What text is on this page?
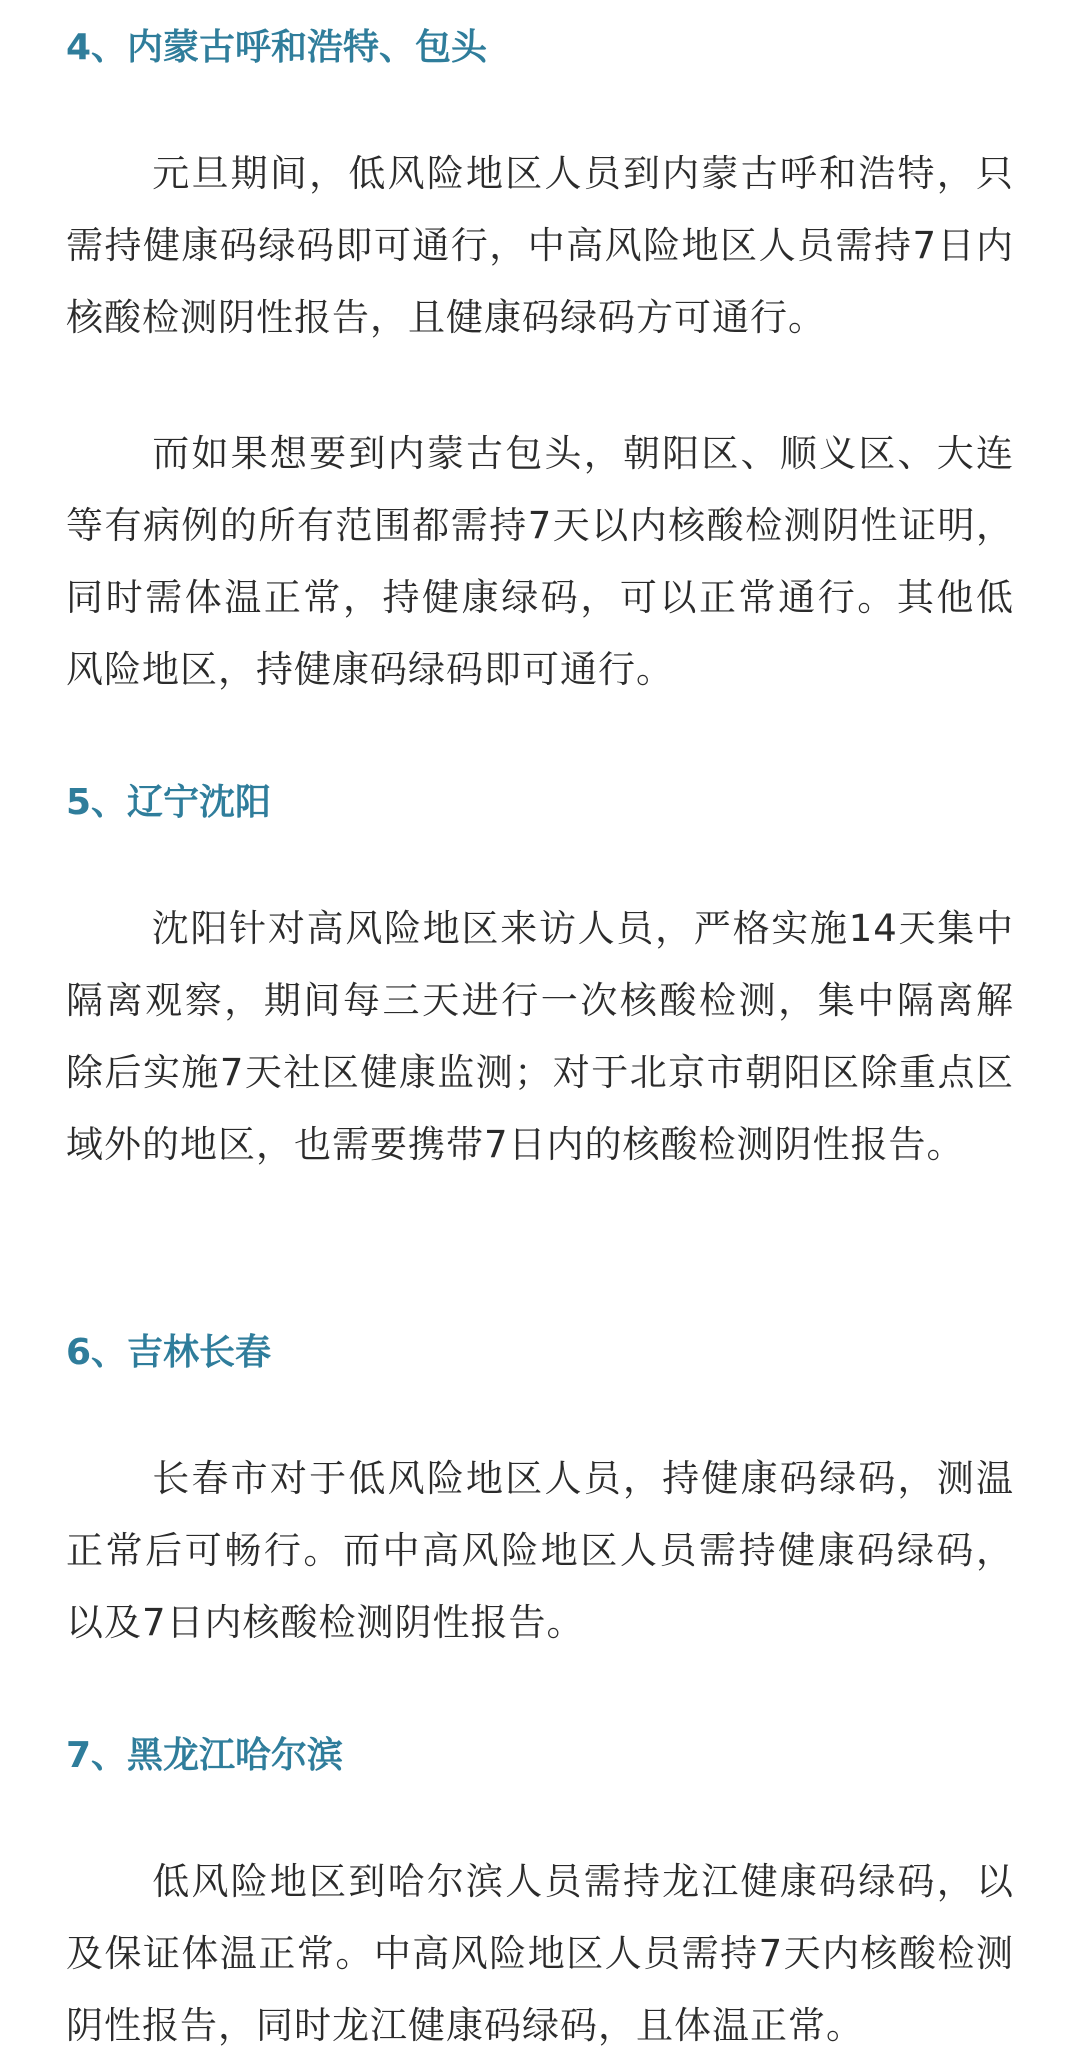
4、内蒙古呼和浩特、包头

元旦期间，低风险地区人员到内蒙古呼和浩特，只需持健康码绿码即可通行，中高风险地区人员需持7日内核酸检测阴性报告，且健康码绿码方可通行。

而如果想要到内蒙古包头，朝阳区、顺义区、大连等有病例的所有范围都需持7天以内核酸检测阴性证明，同时需体温正常，持健康绿码，可以正常通行。其他低风险地区，持健康码绿码即可通行。

5、辽宁沈阳

沈阳针对高风险地区来访人员，严格实施14天集中隔离观察，期间每三天进行一次核酸检测，集中隔离解除后实施7天社区健康监测；对于北京市朝阳区除重点区域外的地区，也需要携带7日内的核酸检测阴性报告。

6、吉林长春

长春市对于低风险地区人员，持健康码绿码，测温正常后可畅行。而中高风险地区人员需持健康码绿码，以及7日内核酸检测阴性报告。

7、黑龙江哈尔滨

低风险地区到哈尔滨人员需持龙江健康码绿码，以及保证体温正常。中高风险地区人员需持7天内核酸检测阴性报告，同时龙江健康码绿码，且体温正常。
